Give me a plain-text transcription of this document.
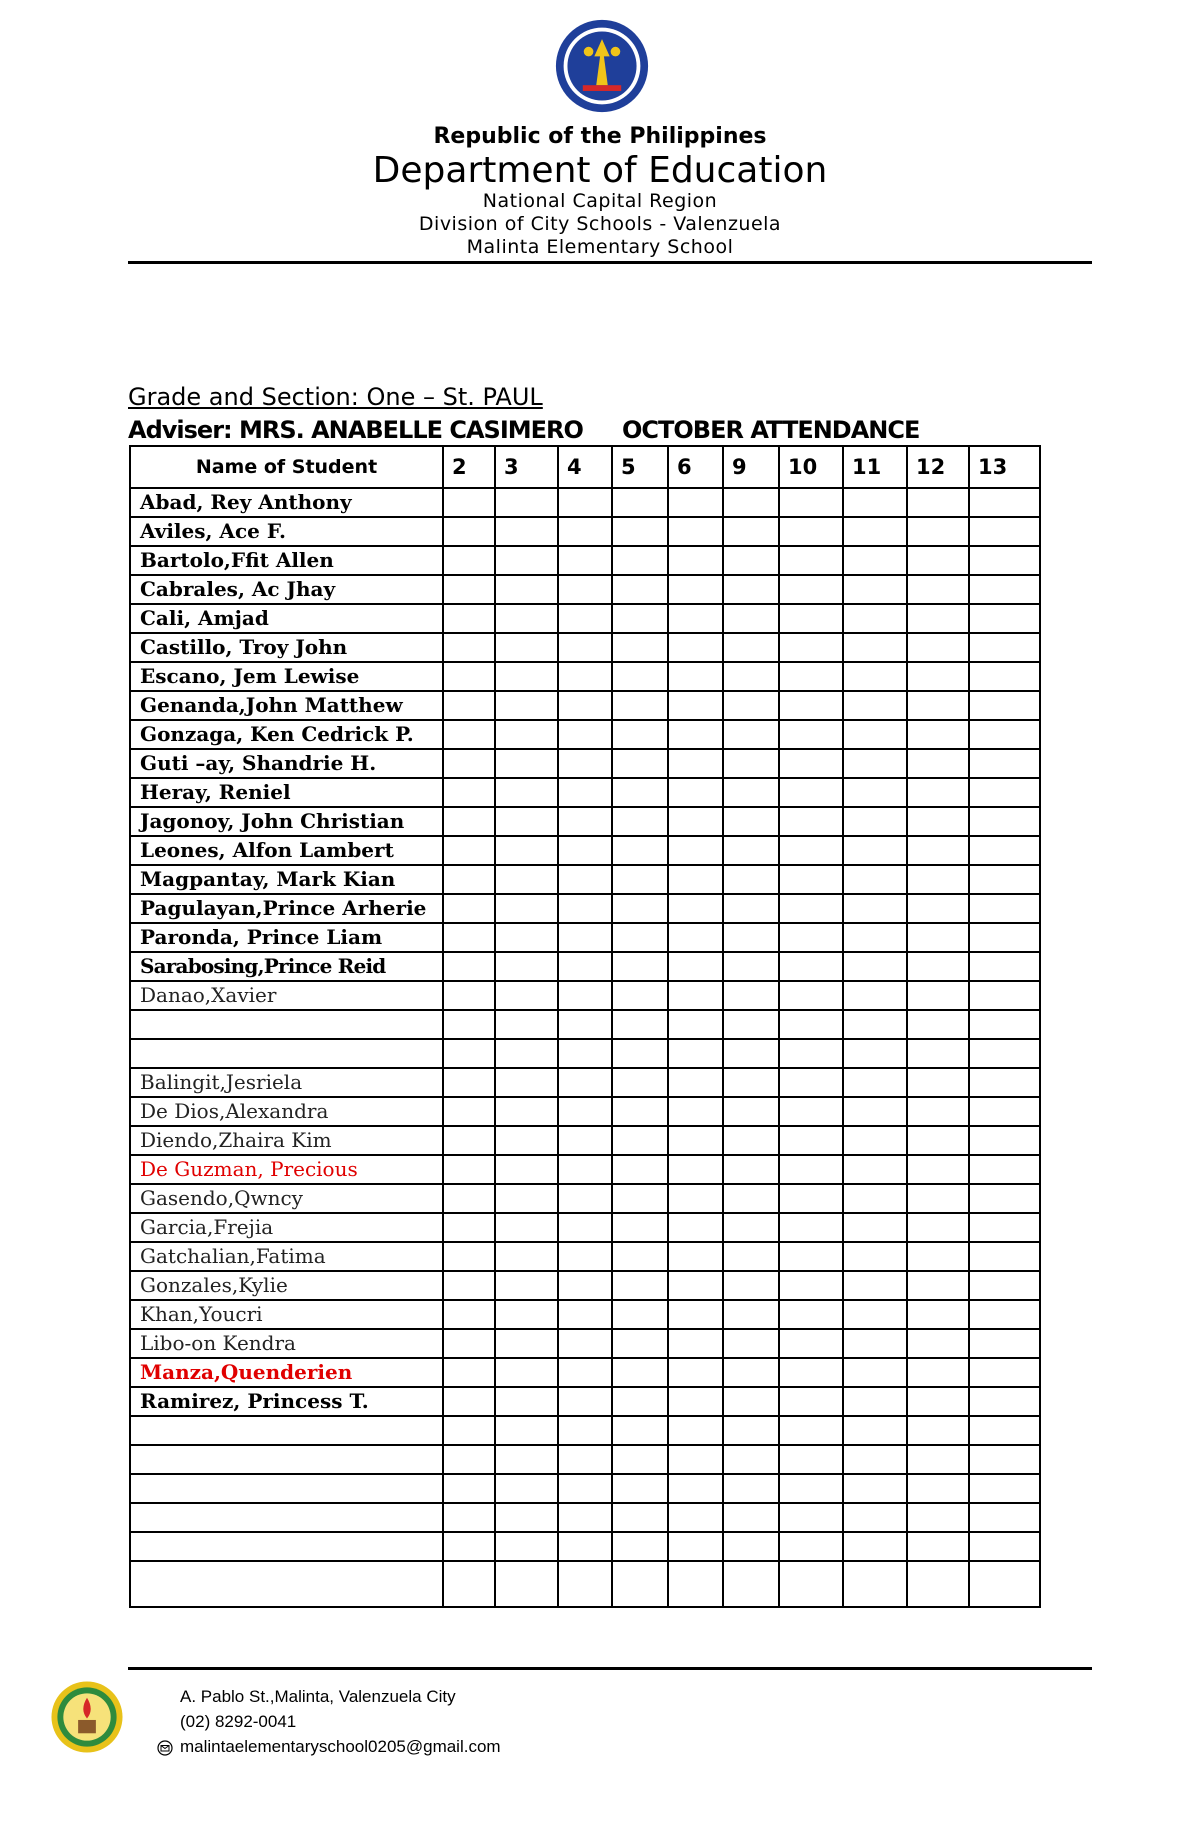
Republic of the Philippines
Department of Education
National Capital Region
Division of City Schools - Valenzuela
Malinta Elementary School
Grade and Section: One – St. PAUL
Adviser: MRS. ANABELLE CASIMERO OCTOBER ATTENDANCE
Name of Student	2	3	4	5	6	9	10	11	12	13
Abad, Rey Anthony										
Aviles, Ace F.										
Bartolo,Ffit Allen										
Cabrales, Ac Jhay										
Cali, Amjad										
Castillo, Troy John										
Escano, Jem Lewise										
Genanda,John Matthew										
Gonzaga, Ken Cedrick P.										
Guti –ay, Shandrie H.										
Heray, Reniel										
Jagonoy, John Christian										
Leones, Alfon Lambert										
Magpantay, Mark Kian										
Pagulayan,Prince Arherie										
Paronda, Prince Liam										
Sarabosing,Prince Reid										
Danao,Xavier										

Balingit,Jesriela										
De Dios,Alexandra										
Diendo,Zhaira Kim										
De Guzman, Precious										
Gasendo,Qwncy										
Garcia,Frejia										
Gatchalian,Fatima										
Gonzales,Kylie										
Khan,Youcri										
Libo-on Kendra										
Manza,Quenderien										
Ramirez, Princess T.										

A. Pablo St.,Malinta, Valenzuela City
(02) 8292-0041
malintaelementaryschool0205@gmail.com
